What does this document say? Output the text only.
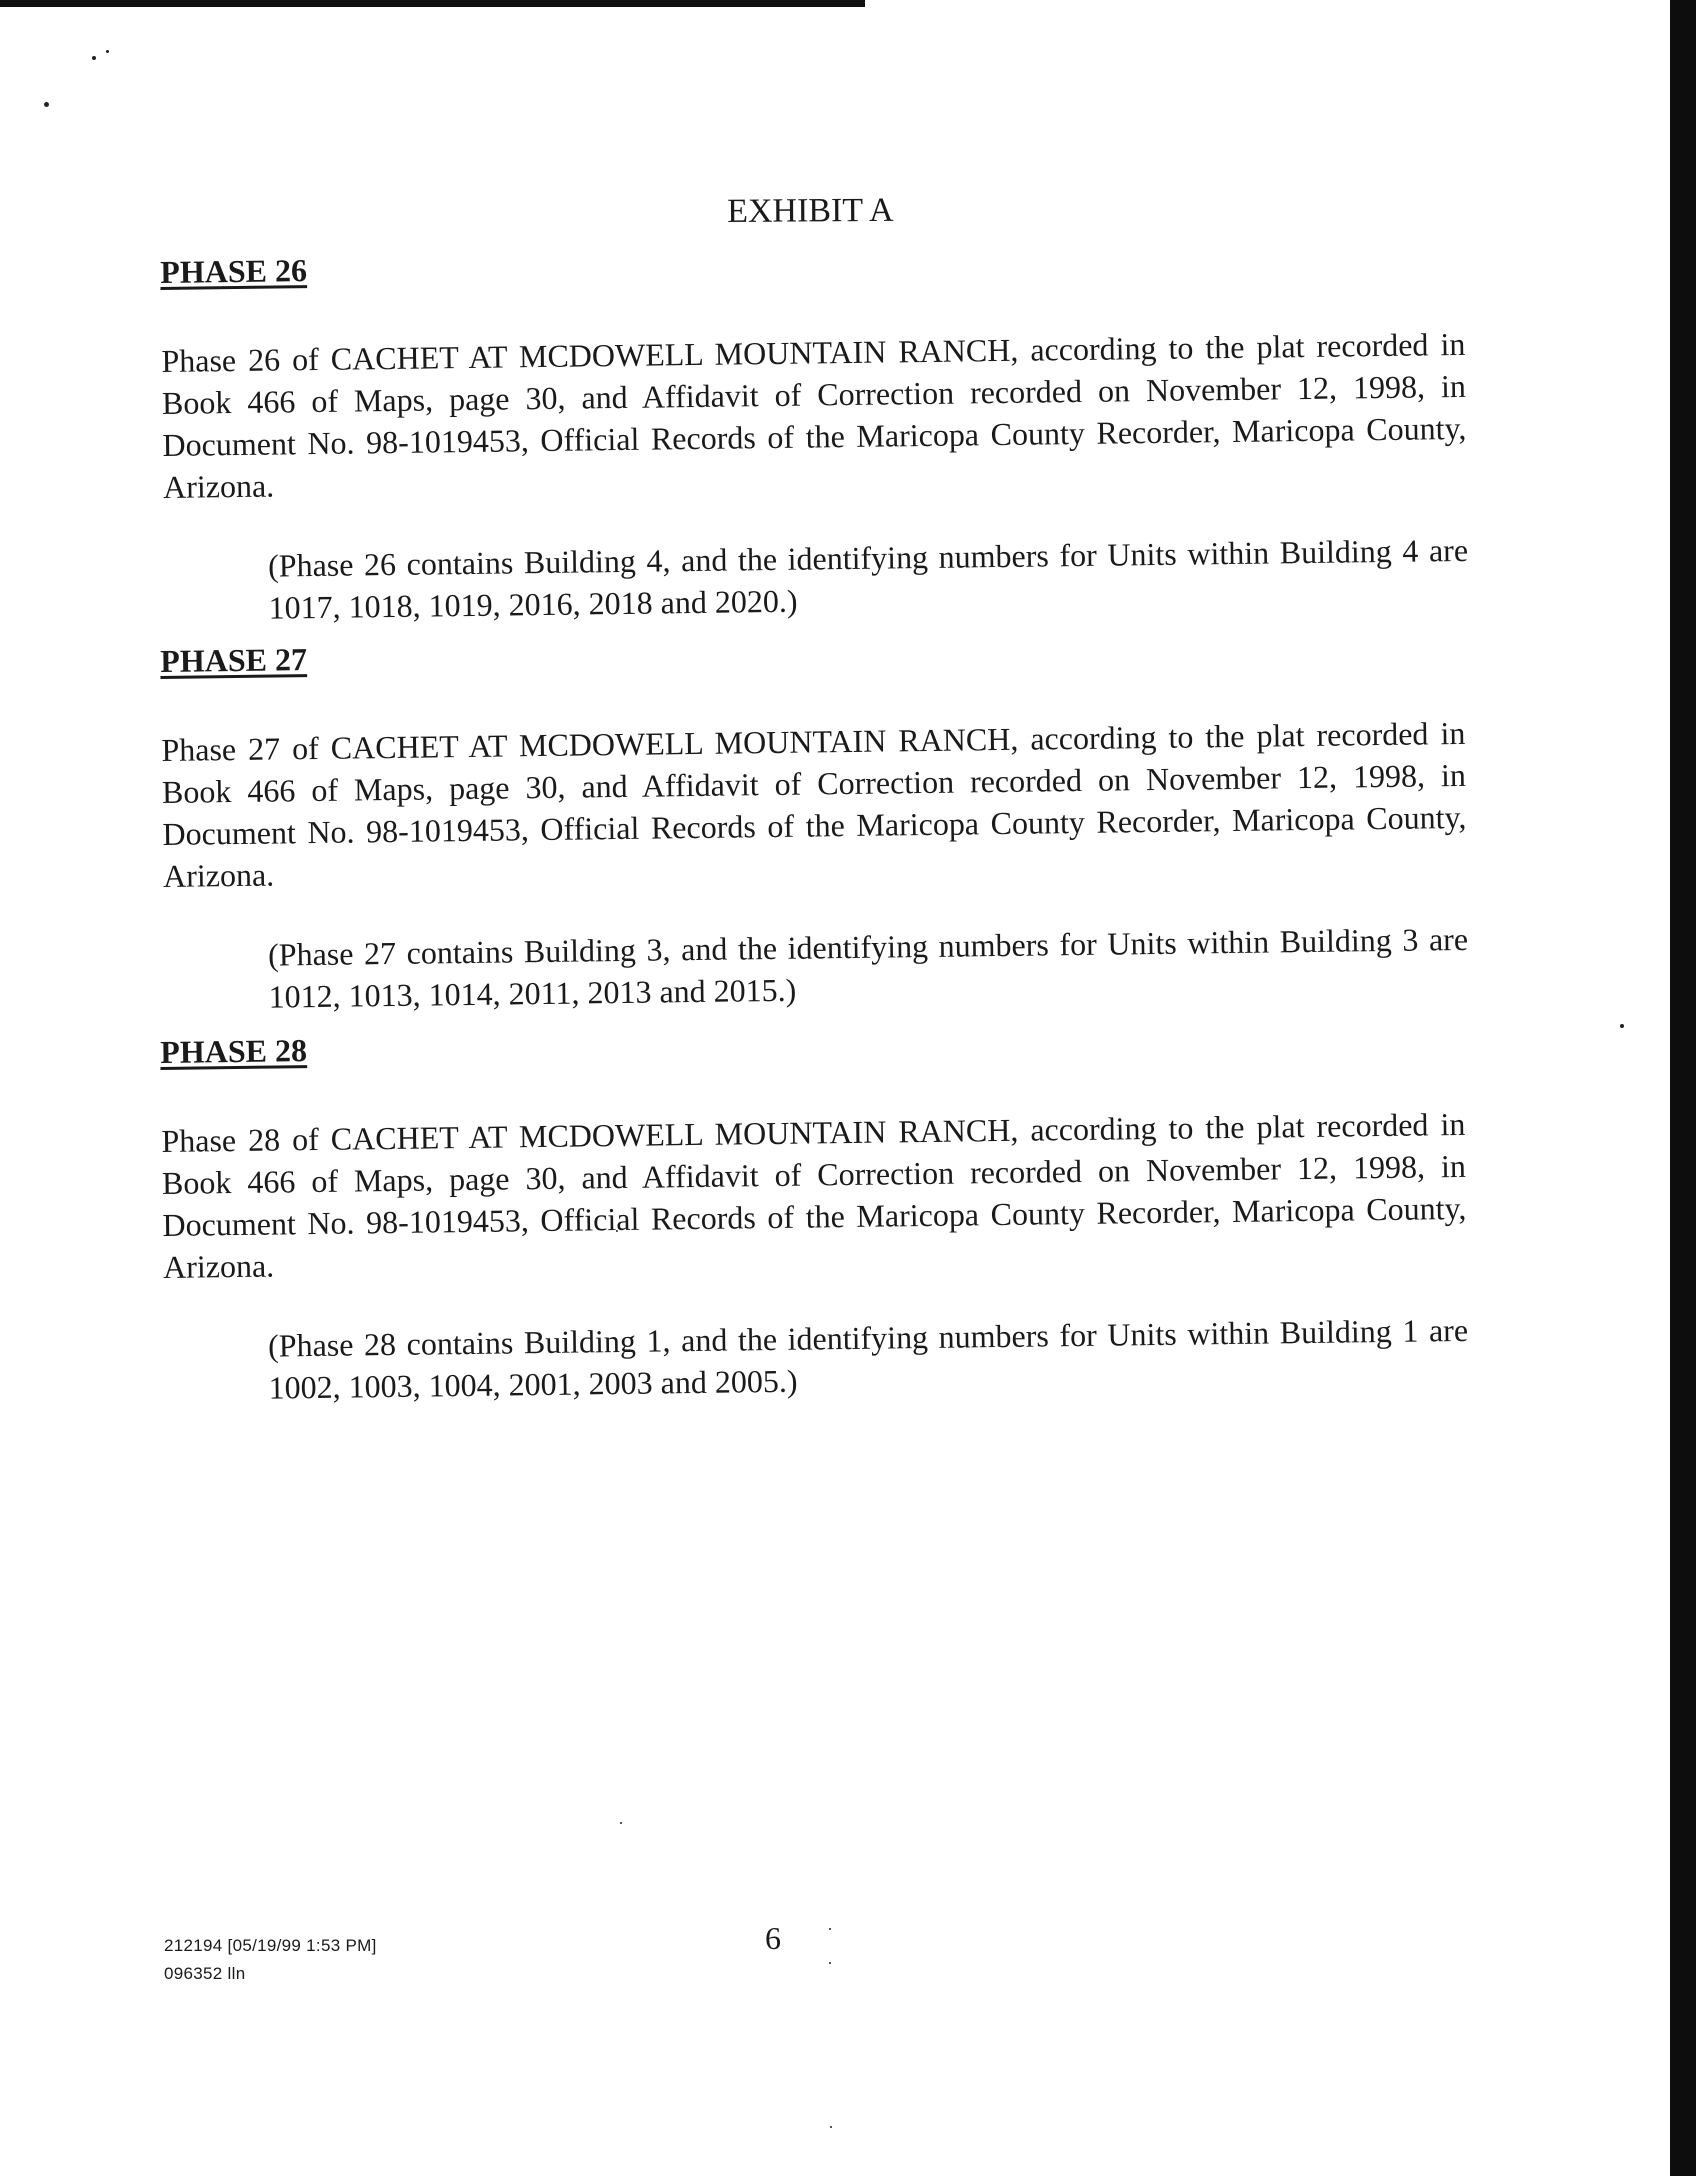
EXHIBIT A
PHASE 26

Phase 26 of CACHET AT MCDOWELL MOUNTAIN RANCH, according to the plat recorded in Book 466 of Maps, page 30, and Affidavit of Correction recorded on November 12, 1998, in Document No. 98-1019453, Official Records of the Maricopa County Recorder, Maricopa County, Arizona.

(Phase 26 contains Building 4, and the identifying numbers for Units within Building 4 are 1017, 1018, 1019, 2016, 2018 and 2020.)

PHASE 27

Phase 27 of CACHET AT MCDOWELL MOUNTAIN RANCH, according to the plat recorded in Book 466 of Maps, page 30, and Affidavit of Correction recorded on November 12, 1998, in Document No. 98-1019453, Official Records of the Maricopa County Recorder, Maricopa County, Arizona.

(Phase 27 contains Building 3, and the identifying numbers for Units within Building 3 are 1012, 1013, 1014, 2011, 2013 and 2015.)

PHASE 28

Phase 28 of CACHET AT MCDOWELL MOUNTAIN RANCH, according to the plat recorded in Book 466 of Maps, page 30, and Affidavit of Correction recorded on November 12, 1998, in Document No. 98-1019453, Official Records of the Maricopa County Recorder, Maricopa County, Arizona.

(Phase 28 contains Building 1, and the identifying numbers for Units within Building 1 are 1002, 1003, 1004, 2001, 2003 and 2005.)

212194 [05/19/99 1:53 PM]
096352 lln
6
